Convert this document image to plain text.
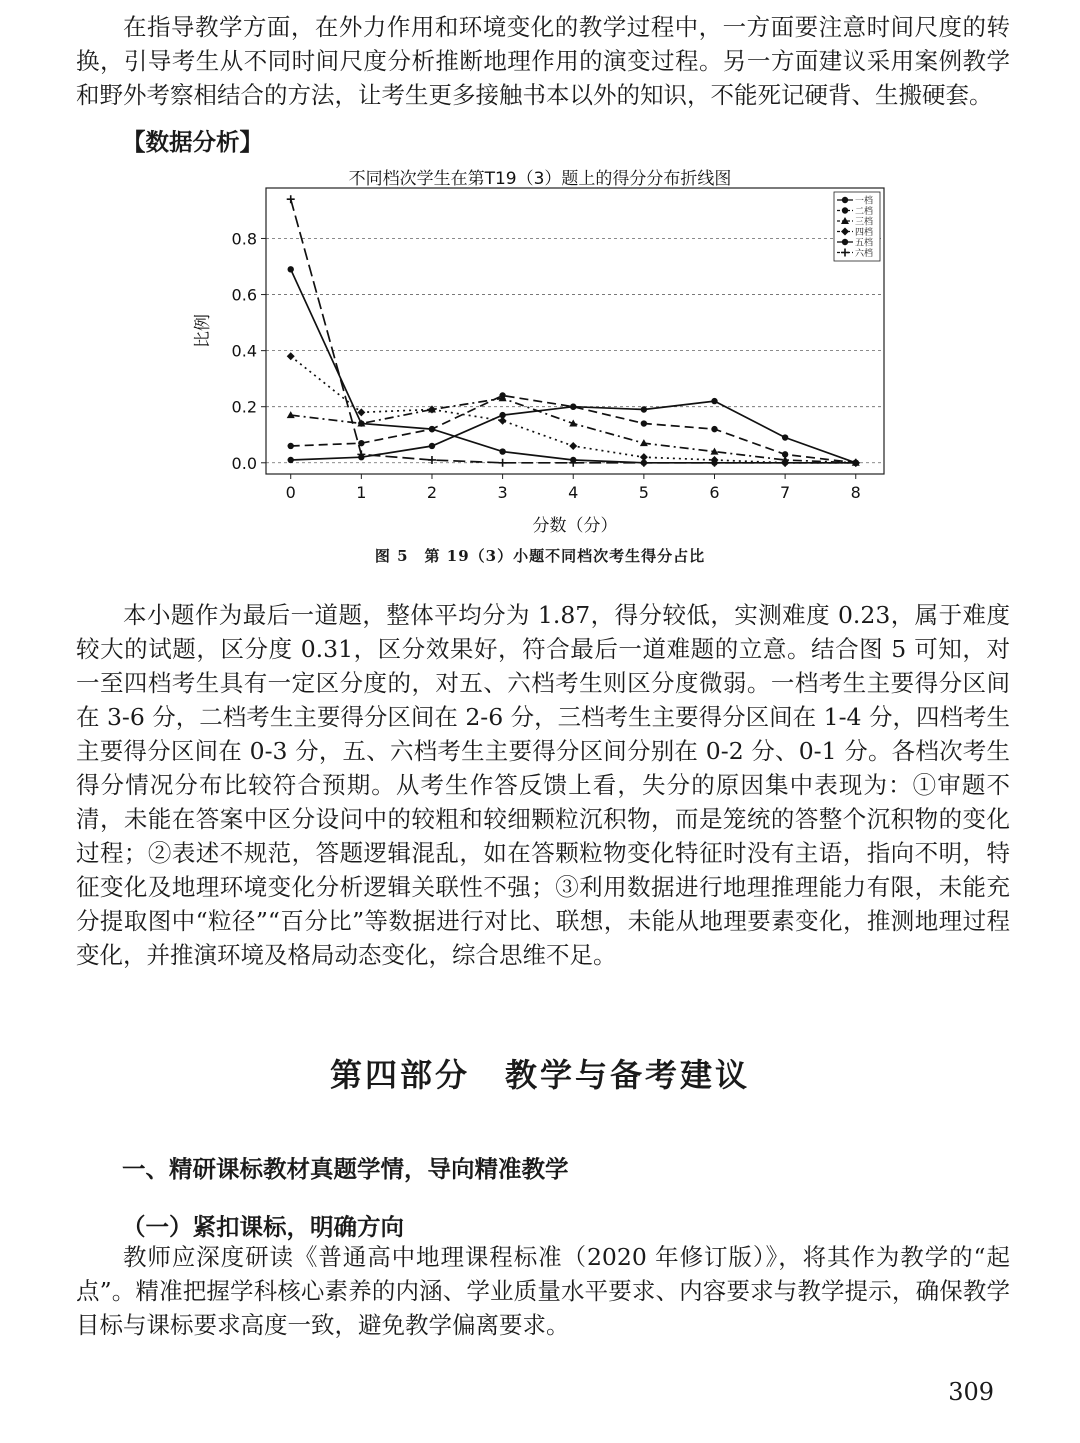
在指导教学方面，在外力作用和环境变化的教学过程中，一方面要注意时间尺度的转换，引导考生从不同时间尺度分析推断地理作用的演变过程。另一方面建议采用案例教学和野外考察相结合的方法，让考生更多接触书本以外的知识，不能死记硬背、生搬硬套。

【数据分析】
不同档次学生在第T19（3）题上的得分分布折线图
0.0
0.2
0.4
0.6
0.8
0	1	2	3	4	5	6	7	8
一档
二档
三档
四档
五档
六档
比例
分数（分）
图 5　第 19（3）小题不同档次考生得分占比

本小题作为最后一道题，整体平均分为 1.87，得分较低，实测难度 0.23，属于难度较大的试题，区分度 0.31，区分效果好，符合最后一道难题的立意。结合图 5 可知，对一至四档考生具有一定区分度的，对五、六档考生则区分度微弱。一档考生主要得分区间在 3-6 分，二档考生主要得分区间在 2-6 分，三档考生主要得分区间在 1-4 分，四档考生主要得分区间在 0-3 分，五、六档考生主要得分区间分别在 0-2 分、0-1 分。各档次考生得分情况分布比较符合预期。从考生作答反馈上看，失分的原因集中表现为：①审题不清，未能在答案中区分设问中的较粗和较细颗粒沉积物，而是笼统的答整个沉积物的变化过程；②表述不规范，答题逻辑混乱，如在答颗粒物变化特征时没有主语，指向不明，特征变化及地理环境变化分析逻辑关联性不强；③利用数据进行地理推理能力有限，未能充分提取图中“粒径”“百分比”等数据进行对比、联想，未能从地理要素变化，推测地理过程变化，并推演环境及格局动态变化，综合思维不足。

第四部分　教学与备考建议
一、精研课标教材真题学情，导向精准教学
（一）紧扣课标，明确方向

教师应深度研读《普通高中地理课程标准（2020 年修订版）》，将其作为教学的“起点”。精准把握学科核心素养的内涵、学业质量水平要求、内容要求与教学提示，确保教学目标与课标要求高度一致，避免教学偏离要求。

309
